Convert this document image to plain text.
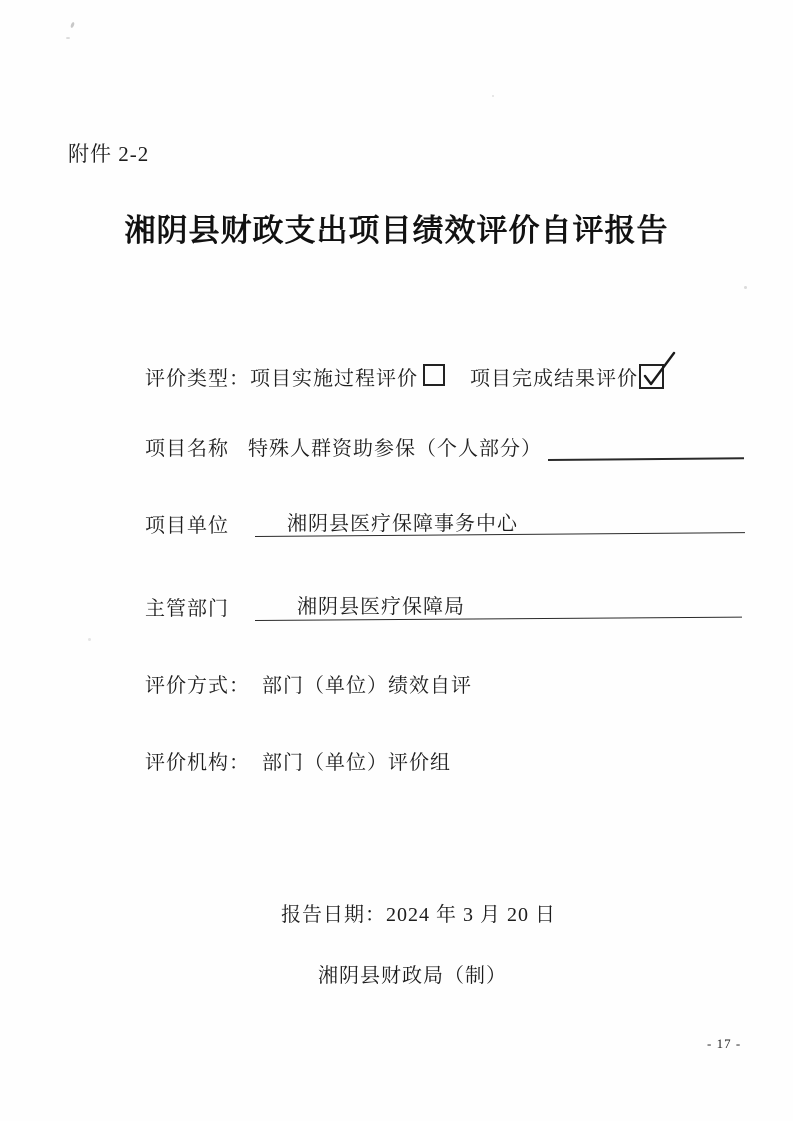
附件 2-2
湘阴县财政支出项目绩效评价自评报告
评价类型： 项目实施过程评价	项目完成结果评价
项目名称 特殊人群资助参保（个人部分）
项目单位	湘阴县医疗保障事务中心
主管部门	湘阴县医疗保障局
评价方式： 部门（单位）绩效自评
评价机构： 部门（单位）评价组
报告日期：2024 年 3 月 20 日
湘阴县财政局（制）
- 17 -
